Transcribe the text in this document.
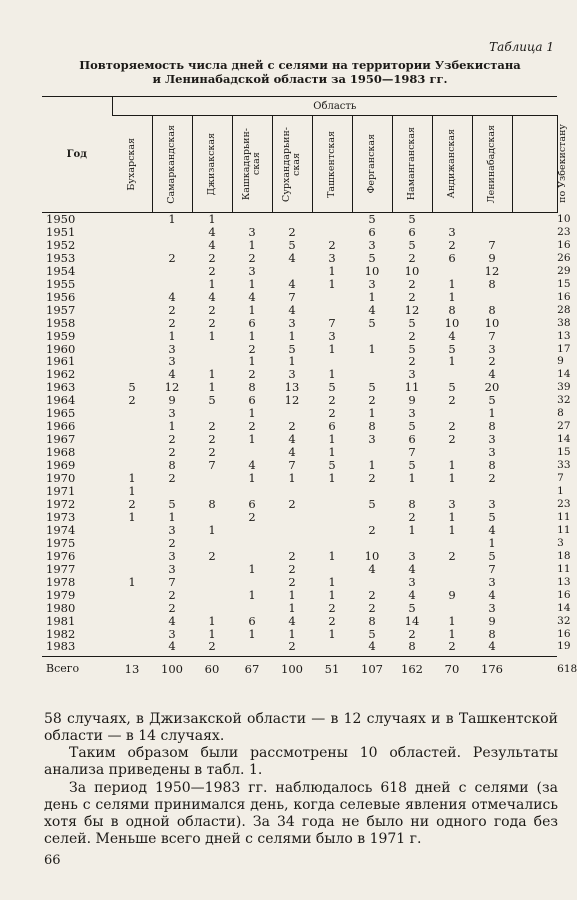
Таблица 1
Повторяемость числа дней с селями на территории Узбекистана
и Ленинабадской области за 1950—1983 гг.
Год	Область											

	Бухарская	Самаркандская	Джизакская	Кашкадарьин-
ская	Сурхандарьин-
ская	Ташкентская	Ферганская	Наманганская	Андижанская	Ленинабадская		по Узбекистану

1950		1	1				5	5				10
1951			4	3	2		6	6	3			23
1952			4	1	5	2	3	5	2	7		16
1953		2	2	2	4	3	5	2	6	9		26
1954			2	3		1	10	10		12		29
1955			1	1	4	1	3	2	1	8		15
1956		4	4	4	7		1	2	1			16
1957		2	2	1	4		4	12	8	8		28
1958		2	2	6	3	7	5	5	10	10		38
1959		1	1	1	1	3		2	4	7		13
1960		3		2	5	1	1	5	5	3		17
1961		3		1	1			2	1	2		9
1962		4	1	2	3	1		3		4		14
1963	5	12	1	8	13	5	5	11	5	20		39
1964	2	9	5	6	12	2	2	9	2	5		32
1965		3		1		2	1	3		1		8
1966		1	2	2	2	6	8	5	2	8		27
1967		2	2	1	4	1	3	6	2	3		14
1968		2	2		4	1		7		3		15
1969		8	7	4	7	5	1	5	1	8		33
1970	1	2		1	1	1	2	1	1	2		7
1971	1											1
1972	2	5	8	6	2		5	8	3	3		23
1973	1	1		2				2	1	5		11
1974		3	1				2	1	1	4		11
1975		2								1		3
1976		3	2		2	1	10	3	2	5		18
1977		3		1	2		4	4		7		11
1978	1	7			2	1		3		3		13
1979		2		1	1	1	2	4	9	4		16
1980		2			1	2	2	5		3		14
1981		4	1	6	4	2	8	14	1	9		32
1982		3	1	1	1	1	5	2	1	8		16
1983		4	2		2		4	8	2	4		19
Всего	13	100	60	67	100	51	107	162	70	176		618

58 случаях, в Джизакской области — в 12 случаях и в Ташкентской области — в 14 случаях.

Таким образом были рассмотрены 10 областей. Результаты анализа приведены в табл. 1.

За период 1950—1983 гг. наблюдалось 618 дней с селями (за день с селями принимался день, когда селевые явления отмечались хотя бы в одной области). За 34 года не было ни одного года без селей. Меньше всего дней с селями было в 1971 г.

66
